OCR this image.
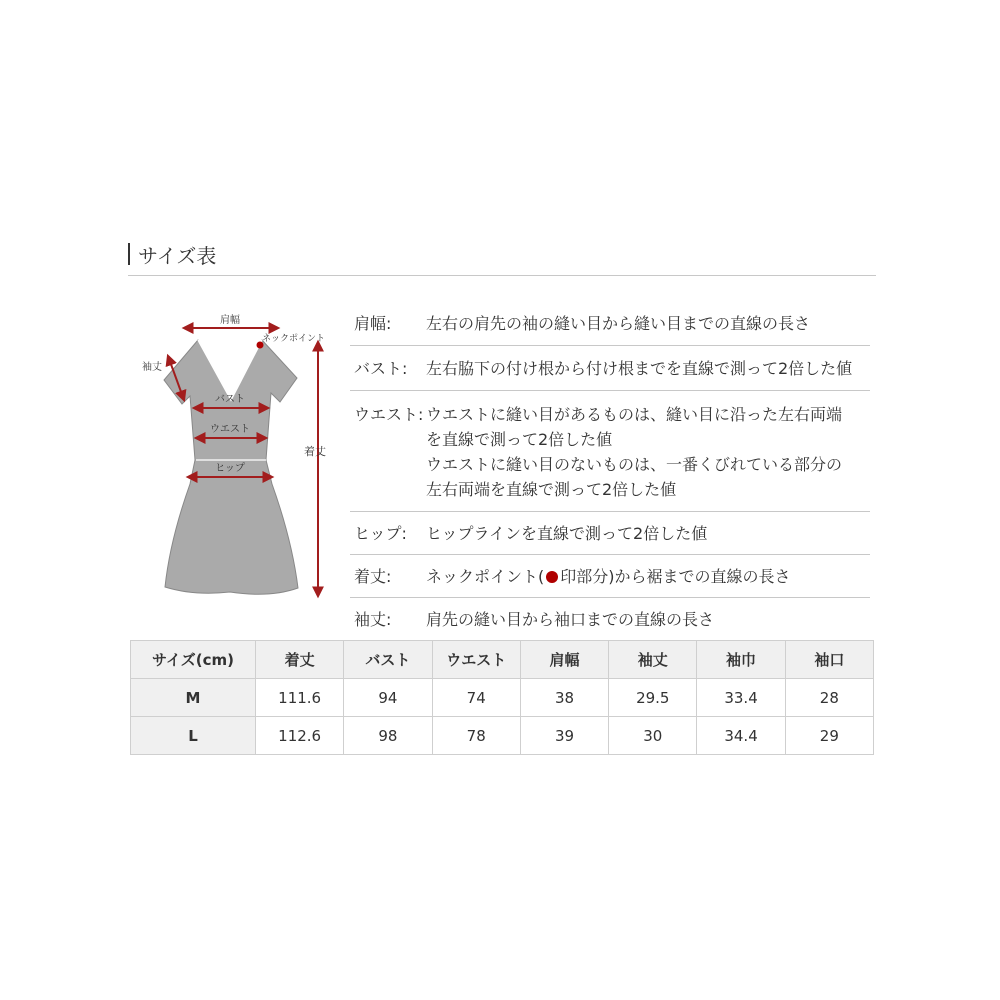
サイズ表
肩幅
ネックポイント
袖丈
着丈
バスト
ウエスト
ヒップ
肩幅: 左右の肩先の袖の縫い目から縫い目までの直線の長さ
バスト: 左右脇下の付け根から付け根までを直線で測って2倍した値
ウエスト: ウエストに縫い目があるものは、縫い目に沿った左右両端
を直線で測って2倍した値
ウエストに縫い目のないものは、一番くびれている部分の
左右両端を直線で測って2倍した値
ヒップ: ヒップラインを直線で測って2倍した値
着丈: ネックポイント( 印部分)から裾までの直線の長さ
袖丈: 肩先の縫い目から袖口までの直線の長さ
サイズ(cm)	着丈	バスト	ウエスト	肩幅	袖丈	袖巾	袖口
M	111.6	94	74	38	29.5	33.4	28
L	112.6	98	78	39	30	34.4	29
